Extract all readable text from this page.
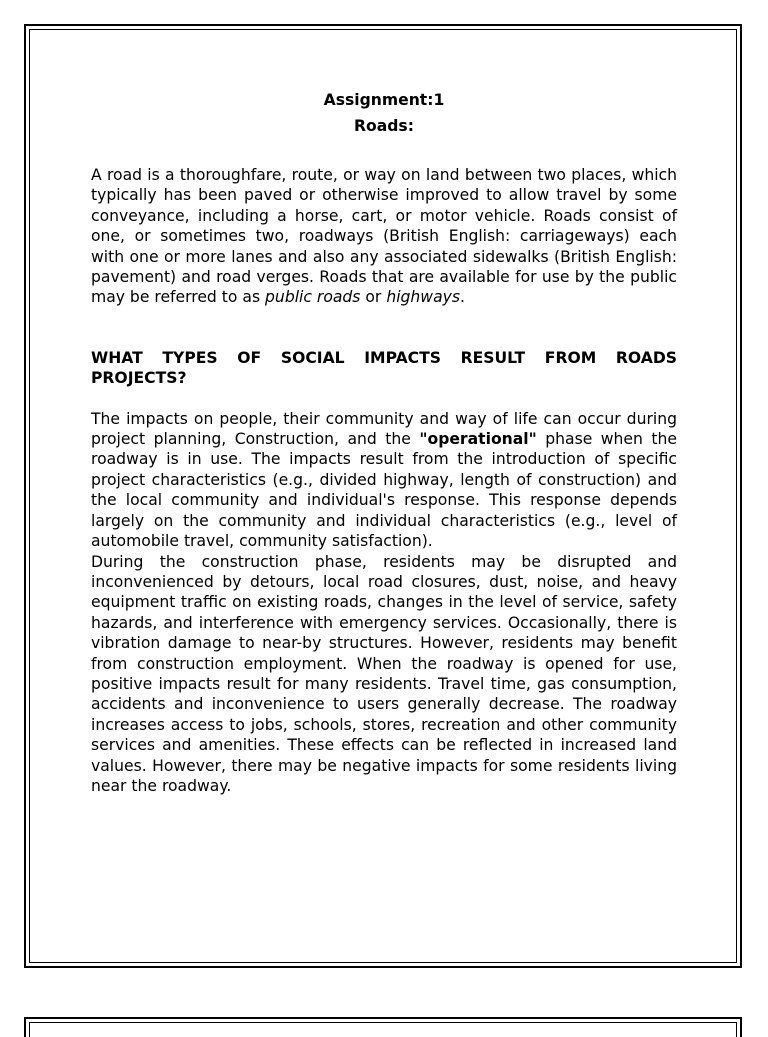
Assignment:1

Roads:

A road is a thoroughfare, route, or way on land between two places, which typically has been paved or otherwise improved to allow travel by some conveyance, including a horse, cart, or motor vehicle. Roads consist of one, or sometimes two, roadways (British English: carriageways) each with one or more lanes and also any associated sidewalks (British English: pavement) and road verges. Roads that are available for use by the public may be referred to as public roads or highways.

WHAT TYPES OF SOCIAL IMPACTS RESULT FROM ROADS PROJECTS?

The impacts on people, their community and way of life can occur during project planning, Construction, and the "operational" phase when the roadway is in use. The impacts result from the introduction of specific project characteristics (e.g., divided highway, length of construction) and the local community and individual's response. This response depends largely on the community and individual characteristics (e.g., level of automobile travel, community satisfaction).

During the construction phase, residents may be disrupted and inconvenienced by detours, local road closures, dust, noise, and heavy equipment traffic on existing roads, changes in the level of service, safety hazards, and interference with emergency services. Occasionally, there is vibration damage to near-by structures. However, residents may benefit from construction employment. When the roadway is opened for use, positive impacts result for many residents. Travel time, gas consumption, accidents and inconvenience to users generally decrease. The roadway increases access to jobs, schools, stores, recreation and other community services and amenities. These effects can be reflected in increased land values. However, there may be negative impacts for some residents living near the roadway.
